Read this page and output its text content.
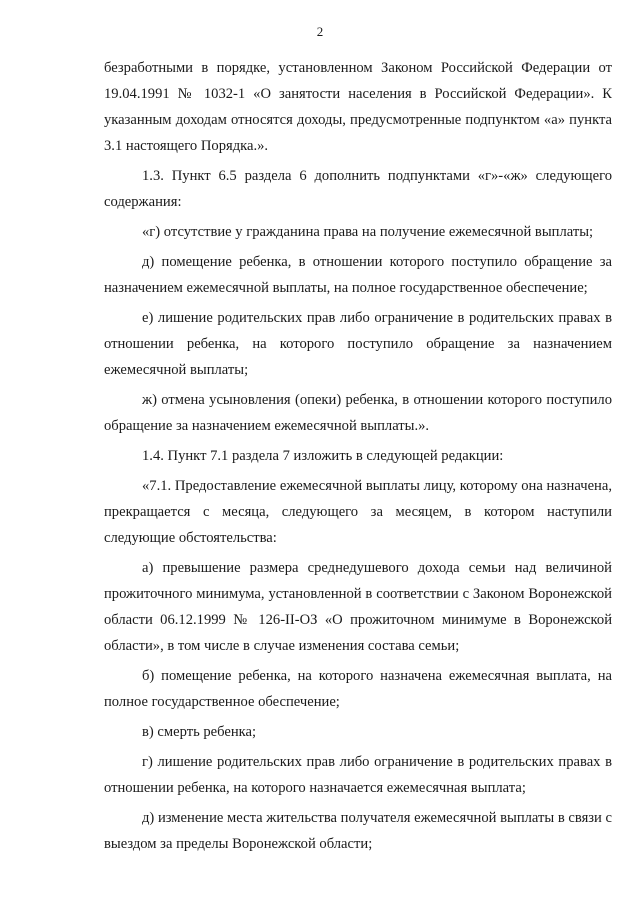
2

безработными в порядке, установленном Законом Российской Федерации от 19.04.1991 № 1032-1 «О занятости населения в Российской Федерации». К указанным доходам относятся доходы, предусмотренные подпунктом «а» пункта 3.1 настоящего Порядка.».

1.3. Пункт 6.5 раздела 6 дополнить подпунктами «г»-«ж» следующего содержания:

«г) отсутствие у гражданина права на получение ежемесячной выплаты;

д) помещение ребенка, в отношении которого поступило обращение за назначением ежемесячной выплаты, на полное государственное обеспечение;

е) лишение родительских прав либо ограничение в родительских правах в отношении ребенка, на которого поступило обращение за назначением ежемесячной выплаты;

ж) отмена усыновления (опеки) ребенка, в отношении которого поступило обращение за назначением ежемесячной выплаты.».

1.4. Пункт 7.1 раздела 7 изложить в следующей редакции:

«7.1. Предоставление ежемесячной выплаты лицу, которому она назначена, прекращается с месяца, следующего за месяцем, в котором наступили следующие обстоятельства:

а) превышение размера среднедушевого дохода семьи над величиной прожиточного минимума, установленной в соответствии с Законом Воронежской области 06.12.1999 № 126-II-ОЗ «О прожиточном минимуме в Воронежской области», в том числе в случае изменения состава семьи;

б) помещение ребенка, на которого назначена ежемесячная выплата, на полное государственное обеспечение;

в) смерть ребенка;

г) лишение родительских прав либо ограничение в родительских правах в отношении ребенка, на которого назначается ежемесячная выплата;

д) изменение места жительства получателя ежемесячной выплаты в связи с выездом за пределы Воронежской области;
